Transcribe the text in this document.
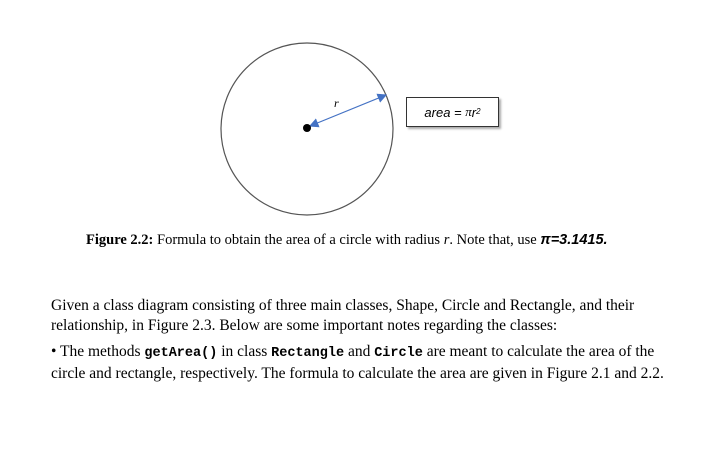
r
area = π $r^2$
Figure 2.2: Formula to obtain the area of a circle with radius r. Note that, use π=3.1415.
Given a class diagram consisting of three main classes, Shape, Circle and Rectangle, and their relationship, in Figure 2.3. Below are some important notes regarding the classes:
• The methods getArea() in class Rectangle and Circle are meant to calculate the area of the circle and rectangle, respectively. The formula to calculate the area are given in Figure 2.1 and 2.2.
